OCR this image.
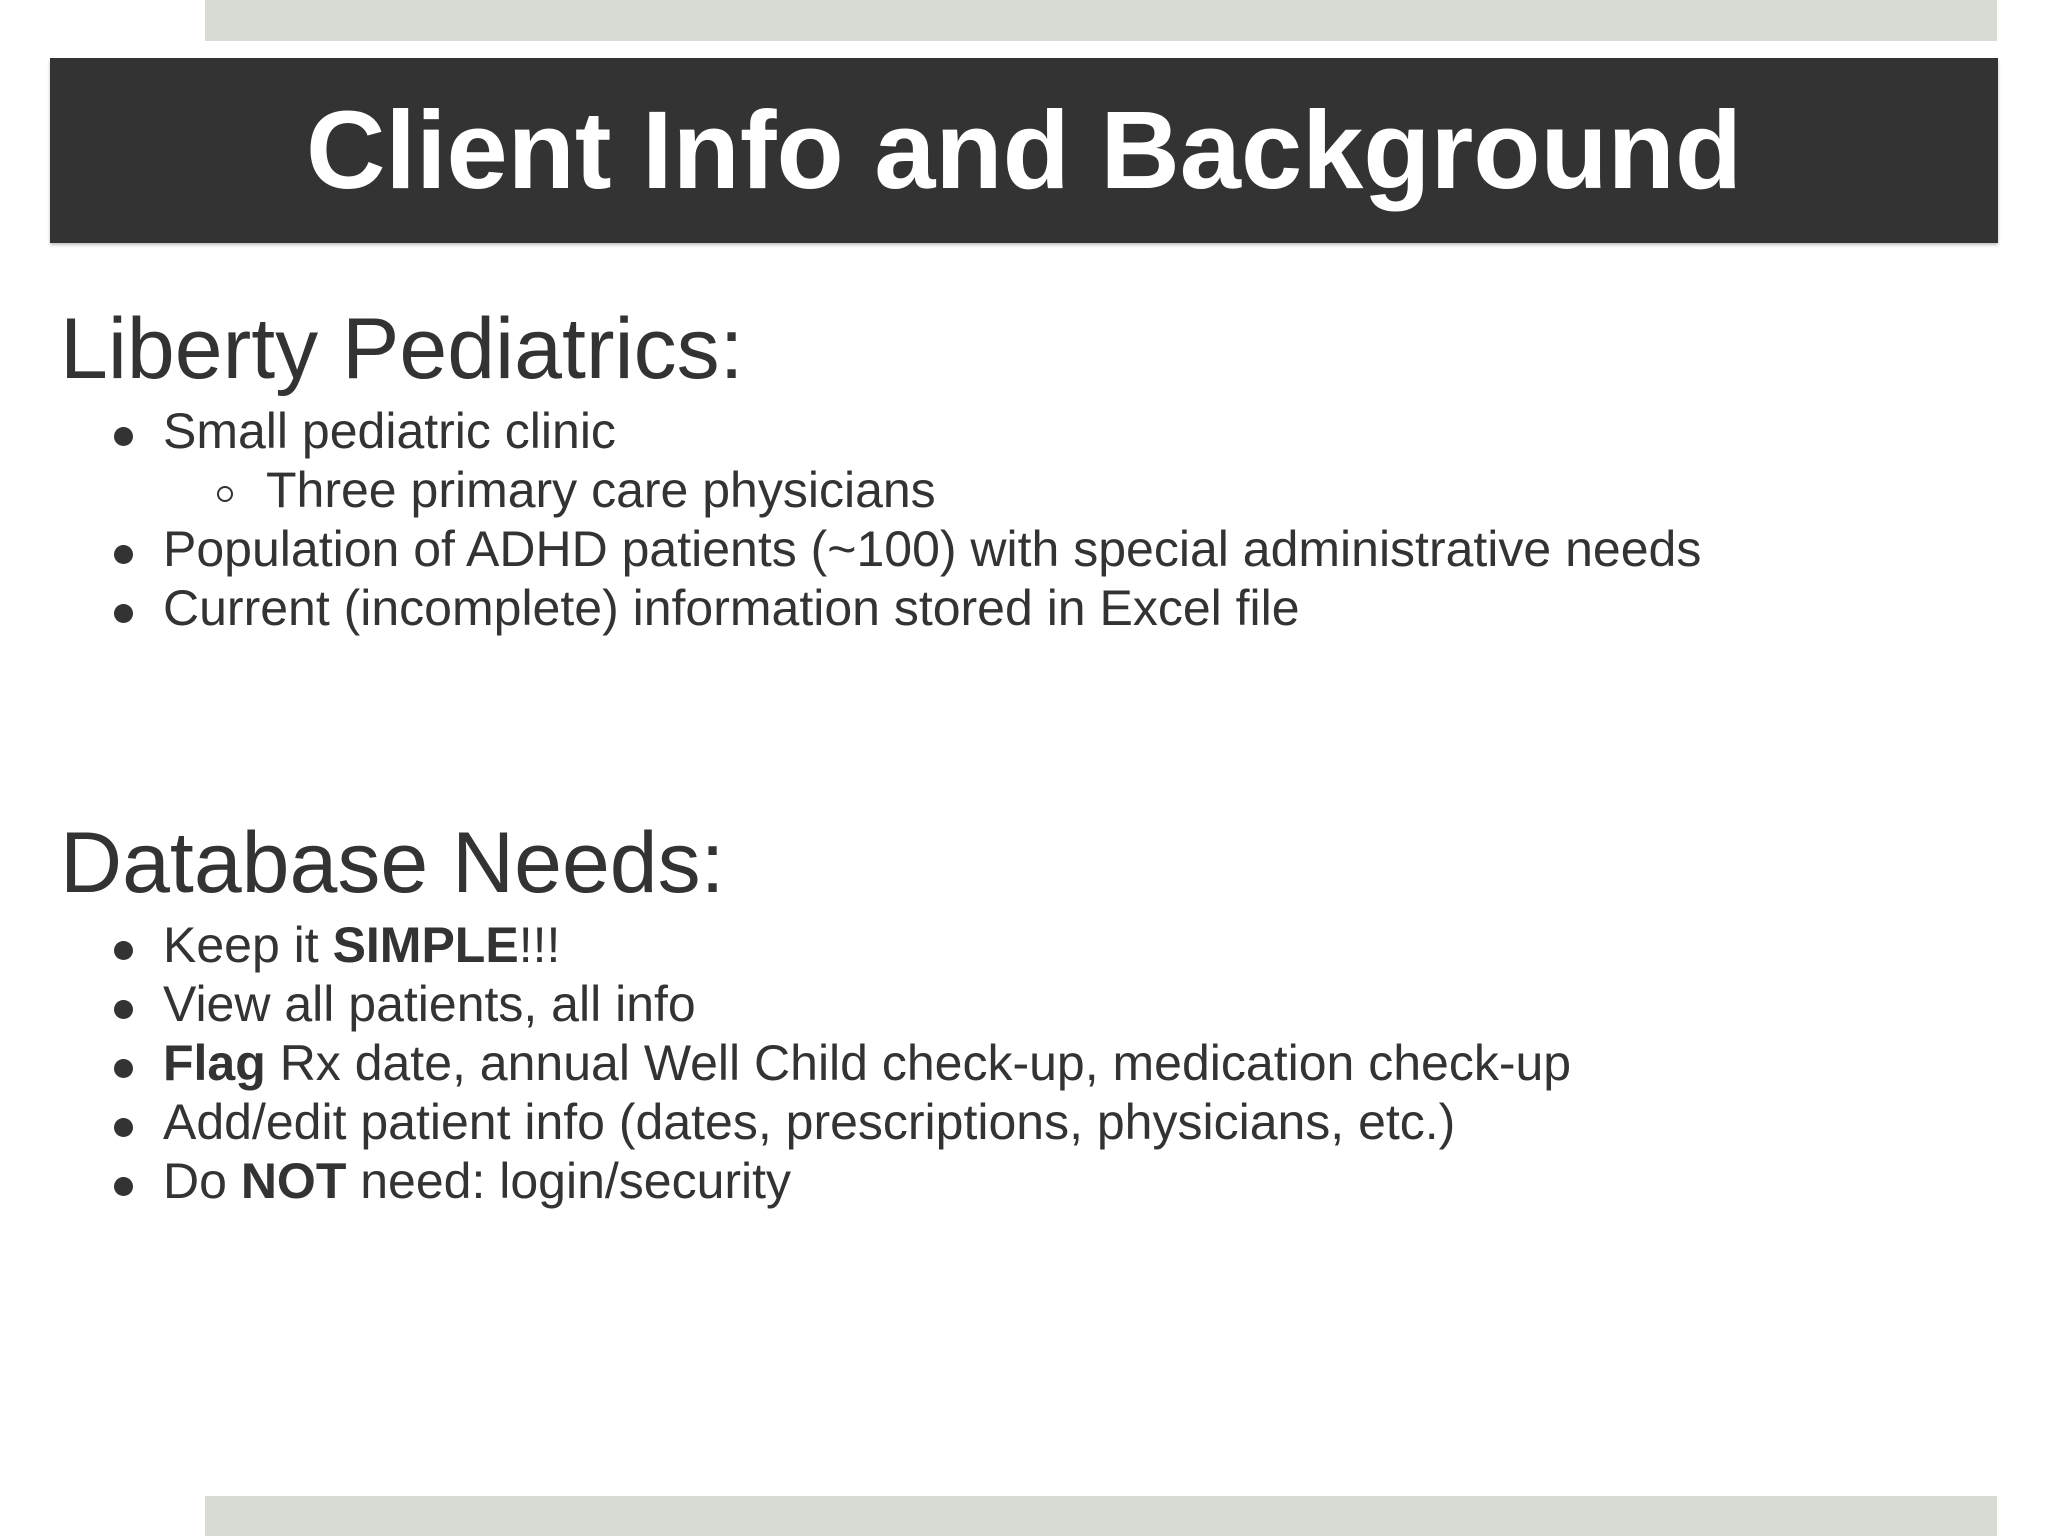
Client Info and Background
Liberty Pediatrics:
Small pediatric clinic
Three primary care physicians
Population of ADHD patients (~100) with special administrative needs
Current (incomplete) information stored in Excel file
Database Needs:
Keep it SIMPLE!!!
View all patients, all info
Flag Rx date, annual Well Child check-up, medication check-up
Add/edit patient info (dates, prescriptions, physicians, etc.)
Do NOT need: login/security
